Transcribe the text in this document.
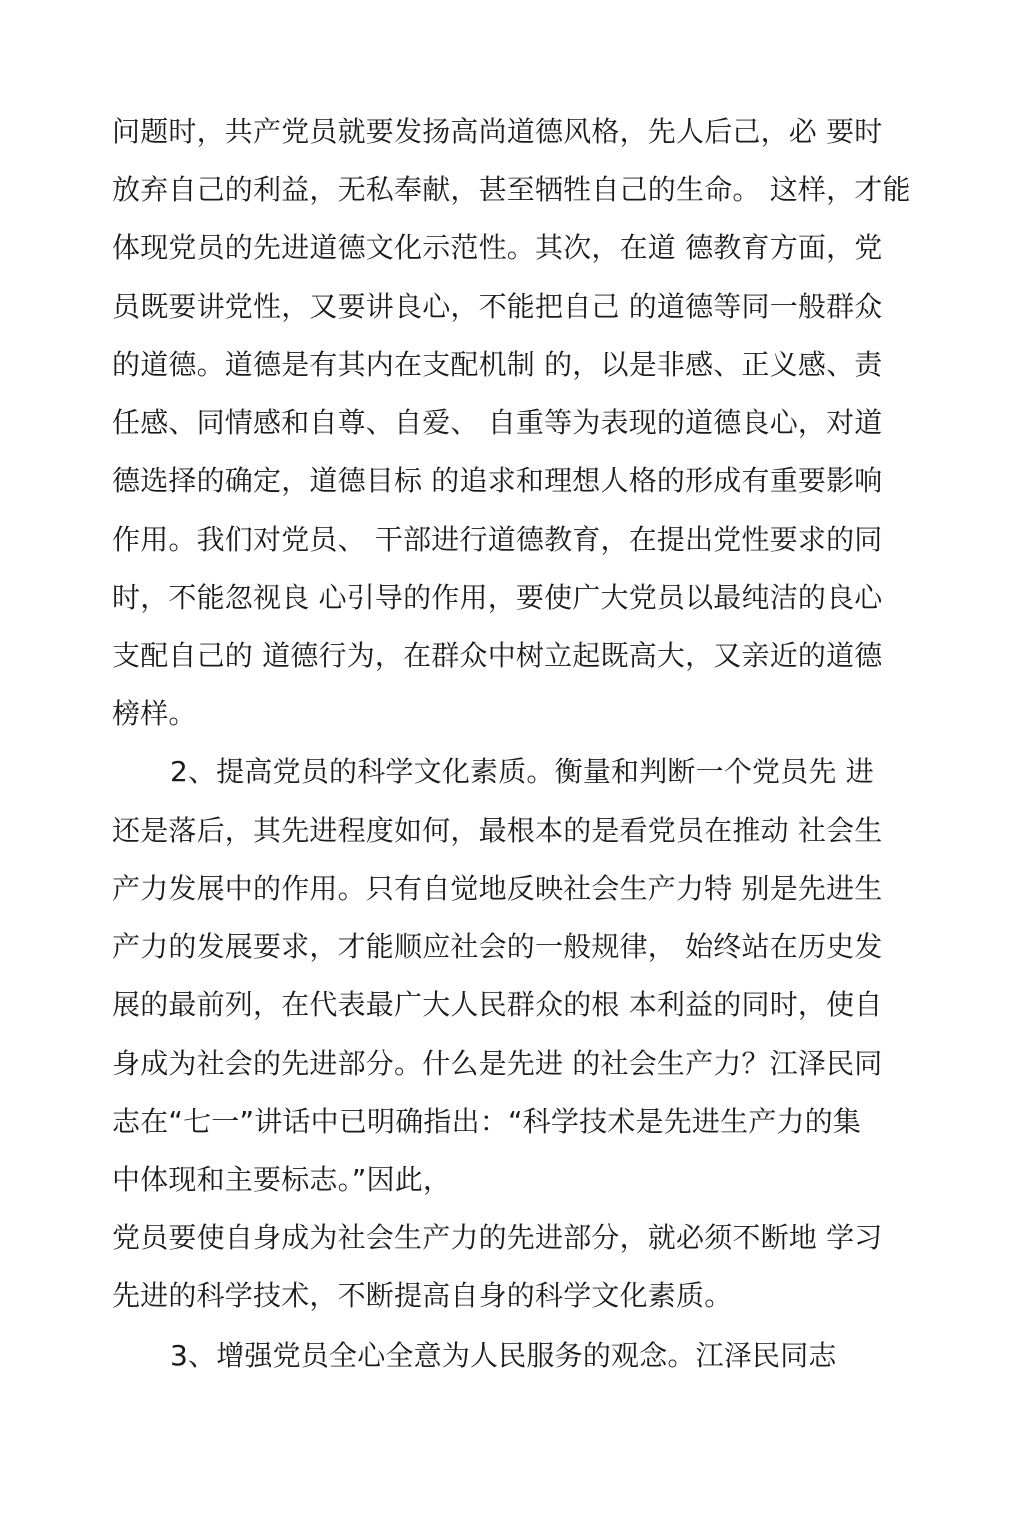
问题时，共产党员就要发扬高尚道德风格，先人后己，必 要时
放弃自己的利益，无私奉献，甚至牺牲自己的生命。 这样，才能
体现党员的先进道德文化示范性。其次，在道 德教育方面，党
员既要讲党性，又要讲良心，不能把自己 的道德等同一般群众
的道德。道德是有其内在支配机制 的，以是非感、正义感、责
任感、同情感和自尊、自爱、 自重等为表现的道德良心，对道
德选择的确定，道德目标 的追求和理想人格的形成有重要影响
作用。我们对党员、 干部进行道德教育，在提出党性要求的同
时，不能忽视良 心引导的作用，要使广大党员以最纯洁的良心
支配自己的 道德行为，在群众中树立起既高大，又亲近的道德
榜样。
2、提高党员的科学文化素质。衡量和判断一个党员先 进
还是落后，其先进程度如何，最根本的是看党员在推动 社会生
产力发展中的作用。只有自觉地反映社会生产力特 别是先进生
产力的发展要求，才能顺应社会的一般规律， 始终站在历史发
展的最前列，在代表最广大人民群众的根 本利益的同时，使自
身成为社会的先进部分。什么是先进 的社会生产力？江泽民同
志在“七一”讲话中已明确指出：“科学技术是先进生产力的集
中体现和主要标志。”因此，
党员要使自身成为社会生产力的先进部分，就必须不断地 学习
先进的科学技术，不断提高自身的科学文化素质。
3、增强党员全心全意为人民服务的观念。江泽民同志
